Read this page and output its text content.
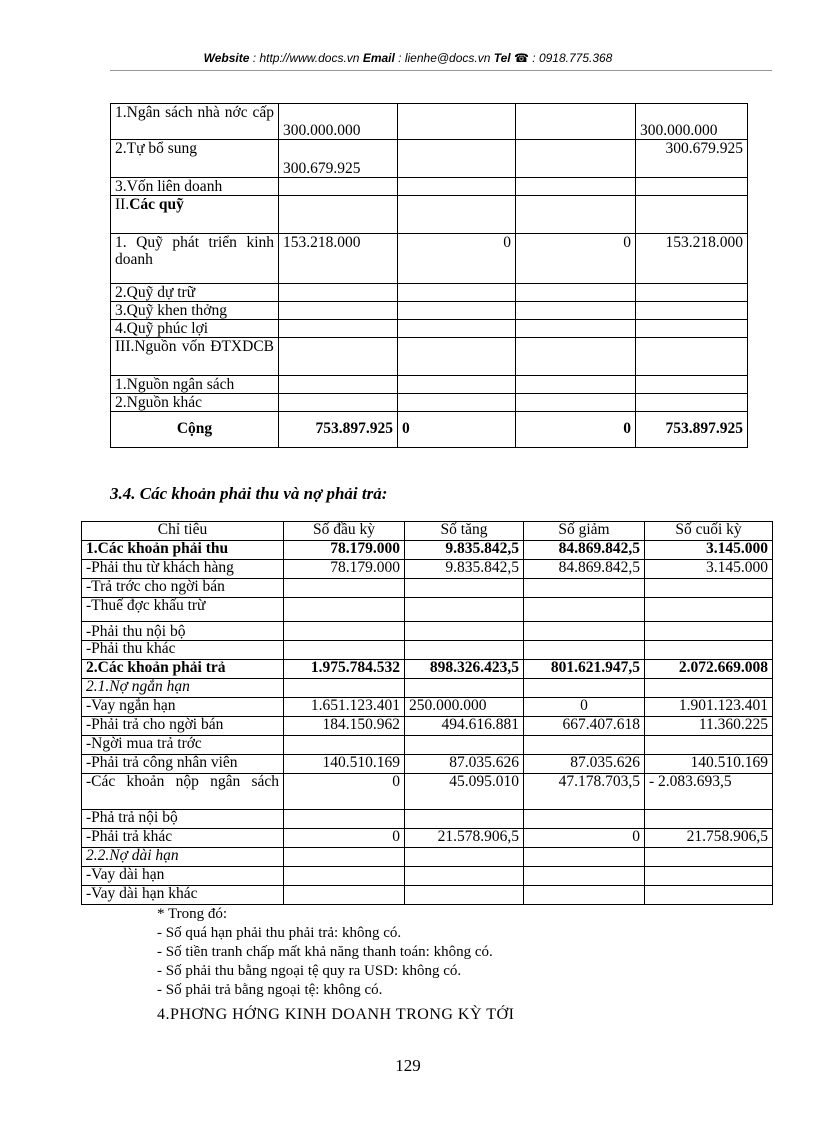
Website : http://www.docs.vn Email : lienhe@docs.vn Tel ☎ : 0918.775.368
1.Ngân sách nhà nớc cấp	300.000.000			300.000.000
2.Tự bổ sung	300.679.925			300.679.925
3.Vốn liên doanh				
II.Các quỹ				
1. Quỹ phát triển kinh doanh	153.218.000	0	0	153.218.000
2.Quỹ dự trữ				
3.Quỹ khen thởng				
4.Quỹ phúc lợi				
III.Nguồn vốn ĐTXDCB				
1.Nguồn ngân sách				
2.Nguồn khác				
Cộng	753.897.925	0	0	753.897.925
3.4. Các khoản phải thu và nợ phải trả:
Chỉ tiêu	Số đầu kỳ	Số tăng	Số giảm	Số cuối kỳ
1.Các khoản phải thu	78.179.000	9.835.842,5	84.869.842,5	3.145.000
-Phải thu từ khách hàng	78.179.000	9.835.842,5	84.869.842,5	3.145.000
-Trả trớc cho ngời bán				
-Thuế đợc khấu trừ				
-Phải thu nội bộ				
-Phải thu khác				
2.Các khoản phải trả	1.975.784.532	898.326.423,5	801.621.947,5	2.072.669.008
2.1.Nợ ngắn hạn				
-Vay ngắn hạn	1.651.123.401	250.000.000	0	1.901.123.401
-Phải trả cho ngời bán	184.150.962	494.616.881	667.407.618	11.360.225
-Ngời mua trả trớc				
-Phải trả công nhân viên	140.510.169	87.035.626	87.035.626	140.510.169
-Các khoản nộp ngân sách	0	45.095.010	47.178.703,5	- 2.083.693,5
-Phả trả nội bộ				
-Phải trả khác	0	21.578.906,5	0	21.758.906,5
2.2.Nợ dài hạn				
-Vay dài hạn				
-Vay dài hạn khác				
* Trong đó:
- Số quá hạn phải thu phải trả: không có.
- Số tiền tranh chấp mất khả năng thanh toán: không có.
- Số phải thu bằng ngoại tệ quy ra USD: không có.
- Số phải trả bằng ngoại tệ: không có.
4.PHƠNG HỚNG KINH DOANH TRONG KỲ TỚI
129
